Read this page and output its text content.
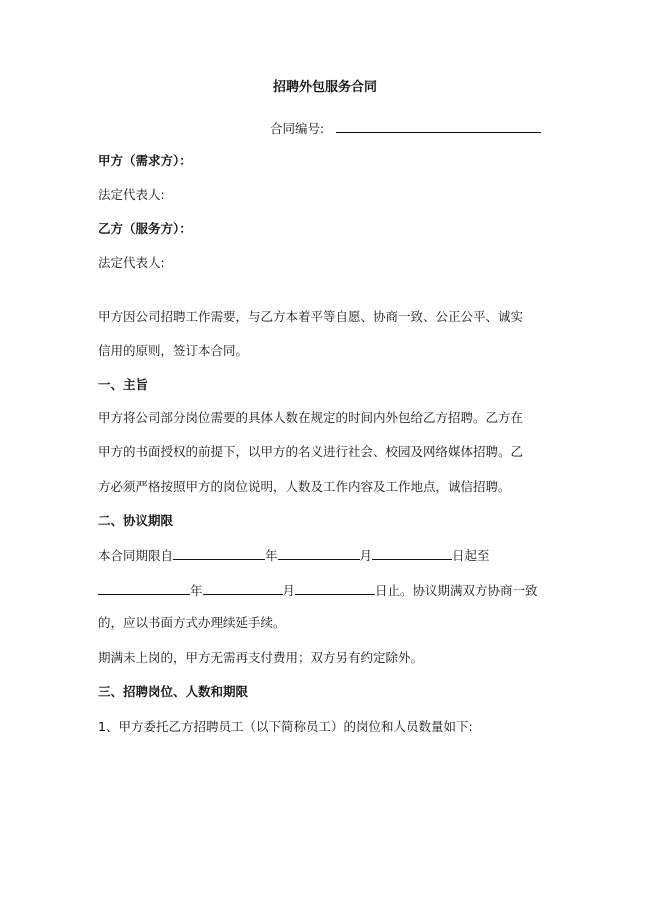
招聘外包服务合同
合同编号:
甲方（需求方）：
法定代表人:
乙方（服务方）：
法定代表人:
甲方因公司招聘工作需要，与乙方本着平等自愿、协商一致、公正公平、诚实
信用的原则，签订本合同。
一、主旨
甲方将公司部分岗位需要的具体人数在规定的时间内外包给乙方招聘。乙方在
甲方的书面授权的前提下，以甲方的名义进行社会、校园及网络媒体招聘。乙
方必须严格按照甲方的岗位说明，人数及工作内容及工作地点，诚信招聘。
二、协议期限
本合同期限自	年	月	日起至
年	月	日止。协议期满双方协商一致
的，应以书面方式办理续延手续。
期满未上岗的，甲方无需再支付费用；双方另有约定除外。
三、招聘岗位、人数和期限
1、甲方委托乙方招聘员工（以下简称员工）的岗位和人员数量如下:
